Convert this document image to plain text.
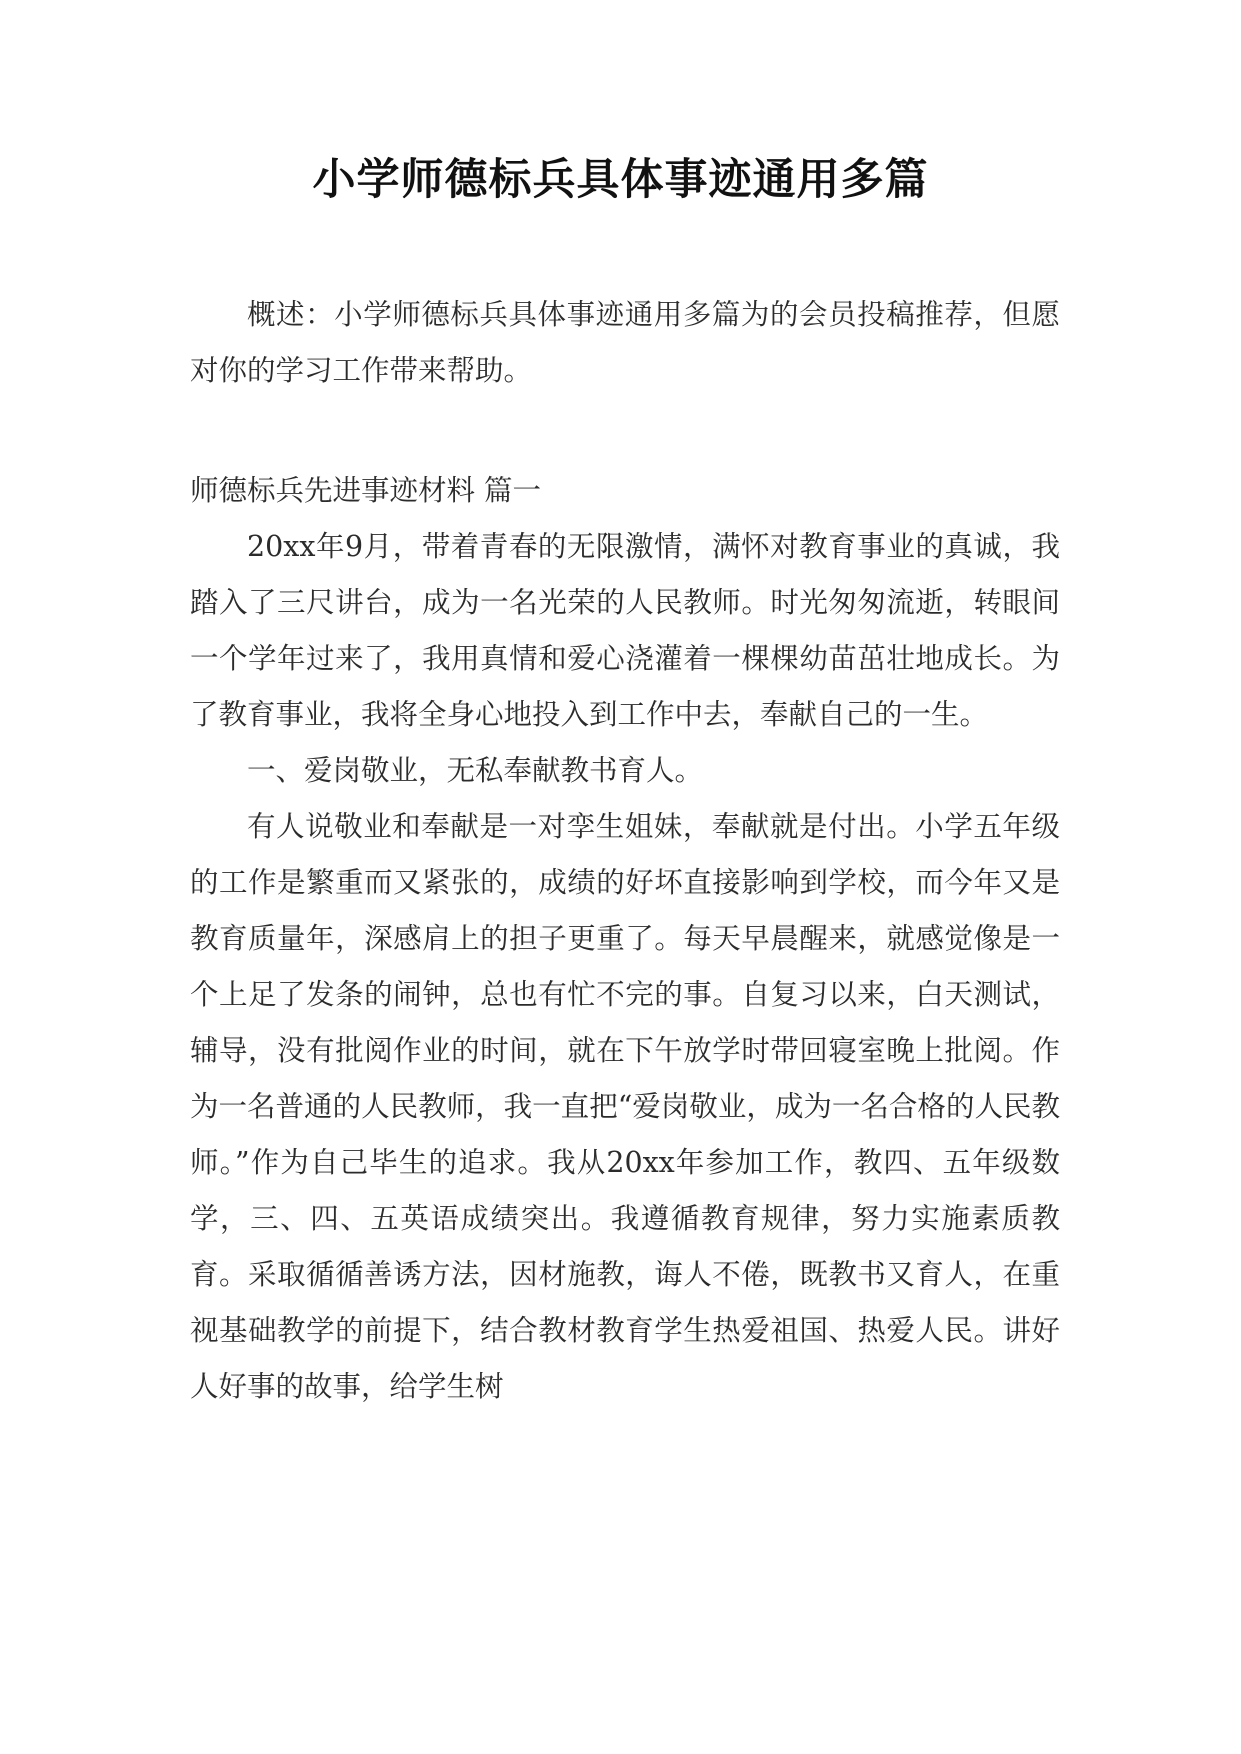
小学师德标兵具体事迹通用多篇

概述：小学师德标兵具体事迹通用多篇为的会员投稿推荐，但愿对你的学习工作带来帮助。

师德标兵先进事迹材料 篇一

20xx年9月，带着青春的无限激情，满怀对教育事业的真诚，我踏入了三尺讲台，成为一名光荣的人民教师。时光匆匆流逝，转眼间一个学年过来了，我用真情和爱心浇灌着一棵棵幼苗茁壮地成长。为了教育事业，我将全身心地投入到工作中去，奉献自己的一生。

一、爱岗敬业，无私奉献教书育人。

有人说敬业和奉献是一对孪生姐妹，奉献就是付出。小学五年级的工作是繁重而又紧张的，成绩的好坏直接影响到学校，而今年又是教育质量年，深感肩上的担子更重了。每天早晨醒来，就感觉像是一个上足了发条的闹钟，总也有忙不完的事。自复习以来，白天测试，辅导，没有批阅作业的时间，就在下午放学时带回寝室晚上批阅。作为一名普通的人民教师，我一直把“爱岗敬业，成为一名合格的人民教师。”作为自己毕生的追求。我从20xx年参加工作，教四、五年级数学，三、四、五英语成绩突出。我遵循教育规律，努力实施素质教育。采取循循善诱方法，因材施教，诲人不倦，既教书又育人，在重视基础教学的前提下，结合教材教育学生热爱祖国、热爱人民。讲好人好事的故事，给学生树
